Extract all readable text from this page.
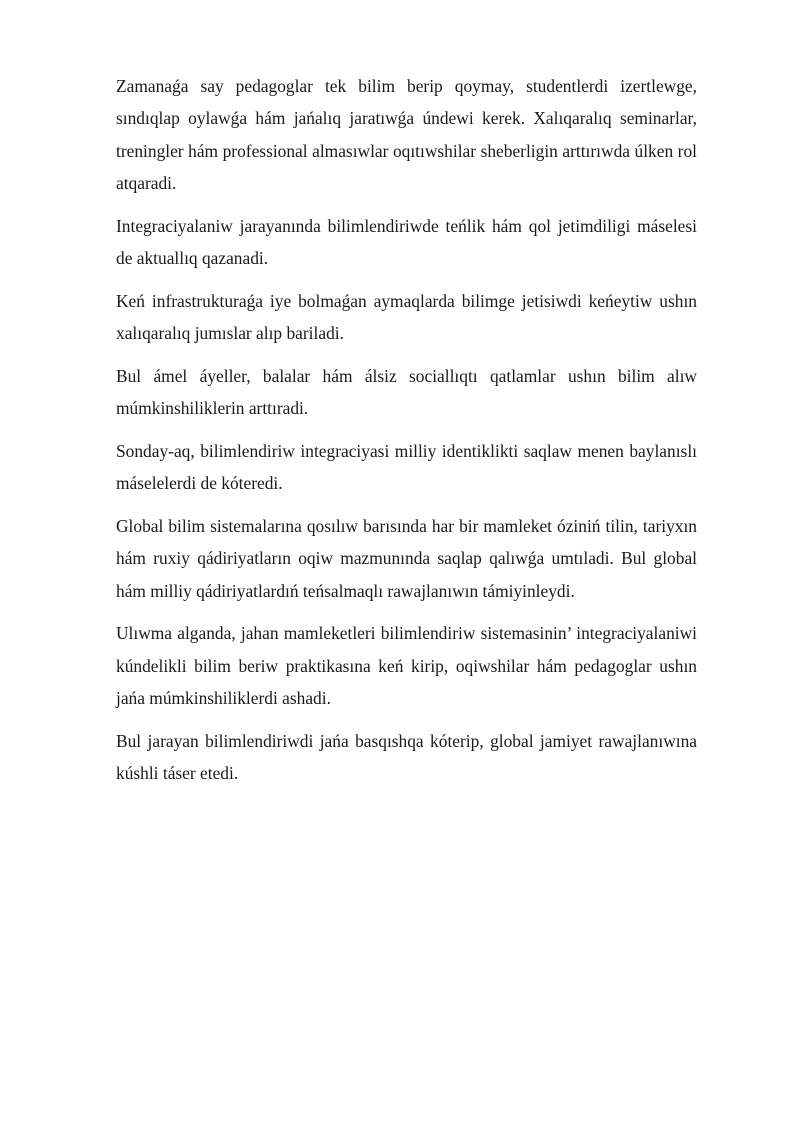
Zamanaǵa say pedagoglar tek bilim berip qoymay, studentlerdi izertlewge, sındıqlap oylawǵa hám jańalıq jaratıwǵa úndewi kerek. Xalıqaralıq seminarlar, treningler hám professional almasıwlar oqıtıwshilar sheberligin arttırıwda úlken rol atqaradi.

Integraciyalaniw jarayanında bilimlendiriwde teńlik hám qol jetimdiligi máselesi de aktuallıq qazanadi.

Keń infrastrukturaǵa iye bolmaǵan aymaqlarda bilimge jetisiwdi keńeytiw ushın xalıqaralıq jumıslar alıp bariladi.

Bul ámel áyeller, balalar hám álsiz sociallıqtı qatlamlar ushın bilim alıw múmkinshiliklerin arttıradi.

Sonday-aq, bilimlendiriw integraciyasi milliy identiklikti saqlaw menen baylanıslı máselelerdi de kóteredi.

Global bilim sistemalarına qosılıw barısında har bir mamleket óziniń tilin, tariyxın hám ruxiy qádiriyatların oqiw mazmunında saqlap qalıwǵa umtıladi. Bul global hám milliy qádiriyatlardıń teńsalmaqlı rawajlanıwın támiyinleydi.

Ulıwma alganda, jahan mamleketleri bilimlendiriw sistemasinin’ integraciyalaniwi kúndelikli bilim beriw praktikasına keń kirip, oqiwshilar hám pedagoglar ushın jańa múmkinshiliklerdi ashadi.

Bul jarayan bilimlendiriwdi jańa basqıshqa kóterip, global jamiyet rawajlanıwına kúshli táser etedi.
